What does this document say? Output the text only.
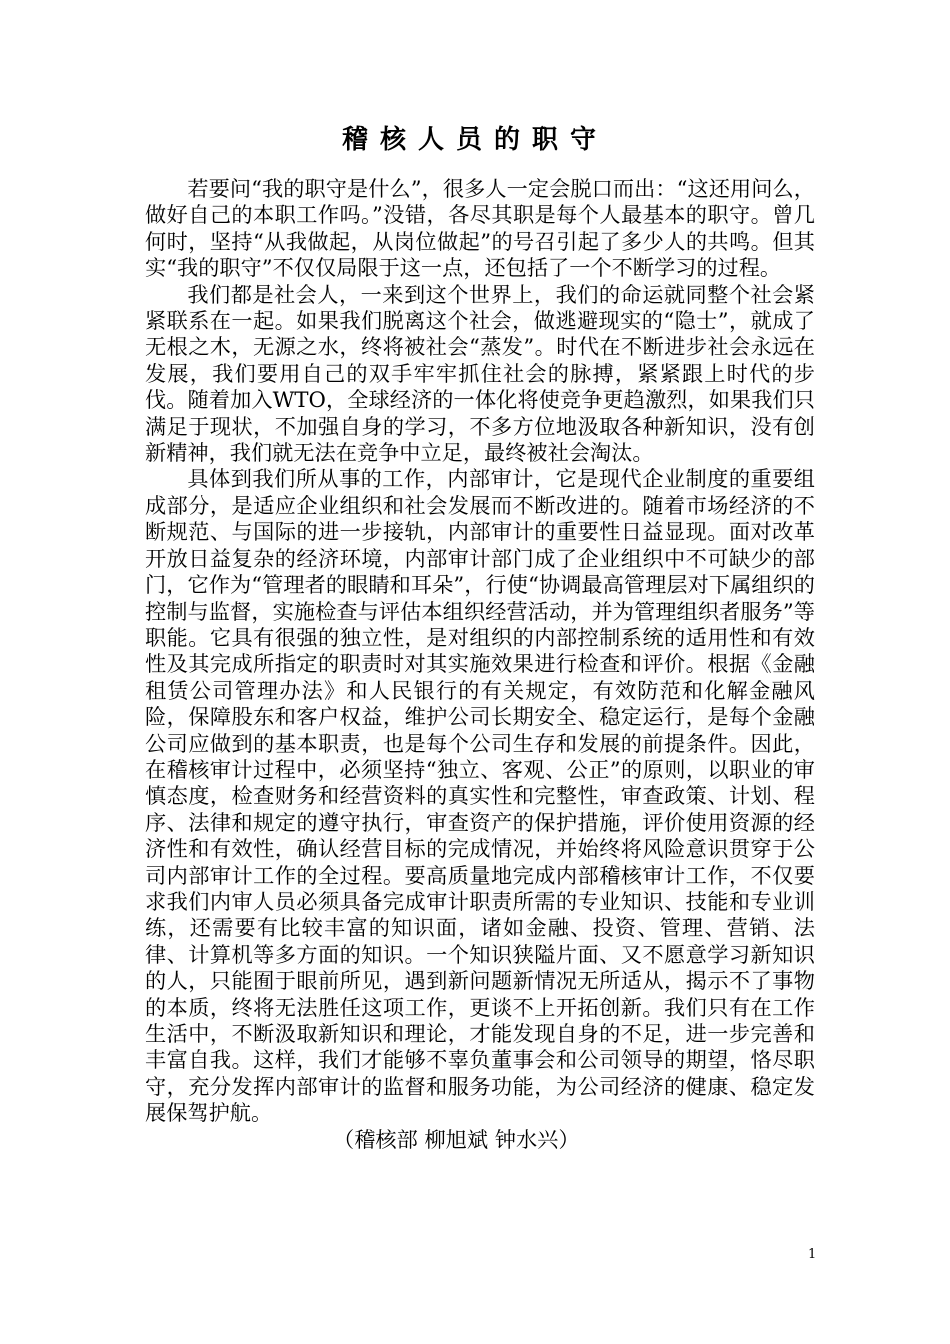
稽核人员的职守

若要问“我的职守是什么”，很多人一定会脱口而出：“这还用问么，做好自己的本职工作吗。”没错，各尽其职是每个人最基本的职守。曾几何时，坚持“从我做起，从岗位做起”的号召引起了多少人的共鸣。但其实“我的职守”不仅仅局限于这一点，还包括了一个不断学习的过程。

我们都是社会人，一来到这个世界上，我们的命运就同整个社会紧紧联系在一起。如果我们脱离这个社会，做逃避现实的“隐士”，就成了无根之木，无源之水，终将被社会“蒸发”。时代在不断进步社会永远在发展，我们要用自己的双手牢牢抓住社会的脉搏，紧紧跟上时代的步伐。随着加入WTO，全球经济的一体化将使竞争更趋激烈，如果我们只满足于现状，不加强自身的学习，不多方位地汲取各种新知识，没有创新精神，我们就无法在竞争中立足，最终被社会淘汰。

具体到我们所从事的工作，内部审计，它是现代企业制度的重要组成部分，是适应企业组织和社会发展而不断改进的。随着市场经济的不断规范、与国际的进一步接轨，内部审计的重要性日益显现。面对改革开放日益复杂的经济环境，内部审计部门成了企业组织中不可缺少的部门，它作为“管理者的眼睛和耳朵”，行使“协调最高管理层对下属组织的控制与监督，实施检查与评估本组织经营活动，并为管理组织者服务”等职能。它具有很强的独立性，是对组织的内部控制系统的适用性和有效性及其完成所指定的职责时对其实施效果进行检查和评价。根据《金融租赁公司管理办法》和人民银行的有关规定，有效防范和化解金融风险，保障股东和客户权益，维护公司长期安全、稳定运行，是每个金融公司应做到的基本职责，也是每个公司生存和发展的前提条件。因此，在稽核审计过程中，必须坚持“独立、客观、公正”的原则，以职业的审慎态度，检查财务和经营资料的真实性和完整性，审查政策、计划、程序、法律和规定的遵守执行，审查资产的保护措施，评价使用资源的经济性和有效性，确认经营目标的完成情况，并始终将风险意识贯穿于公司内部审计工作的全过程。要高质量地完成内部稽核审计工作，不仅要求我们内审人员必须具备完成审计职责所需的专业知识、技能和专业训练，还需要有比较丰富的知识面，诸如金融、投资、管理、营销、法律、计算机等多方面的知识。一个知识狭隘片面、又不愿意学习新知识的人，只能囿于眼前所见，遇到新问题新情况无所适从，揭示不了事物的本质，终将无法胜任这项工作，更谈不上开拓创新。我们只有在工作生活中，不断汲取新知识和理论，才能发现自身的不足，进一步完善和丰富自我。这样，我们才能够不辜负董事会和公司领导的期望，恪尽职守，充分发挥内部审计的监督和服务功能，为公司经济的健康、稳定发展保驾护航。

（稽核部 柳旭斌 钟水兴）

1
